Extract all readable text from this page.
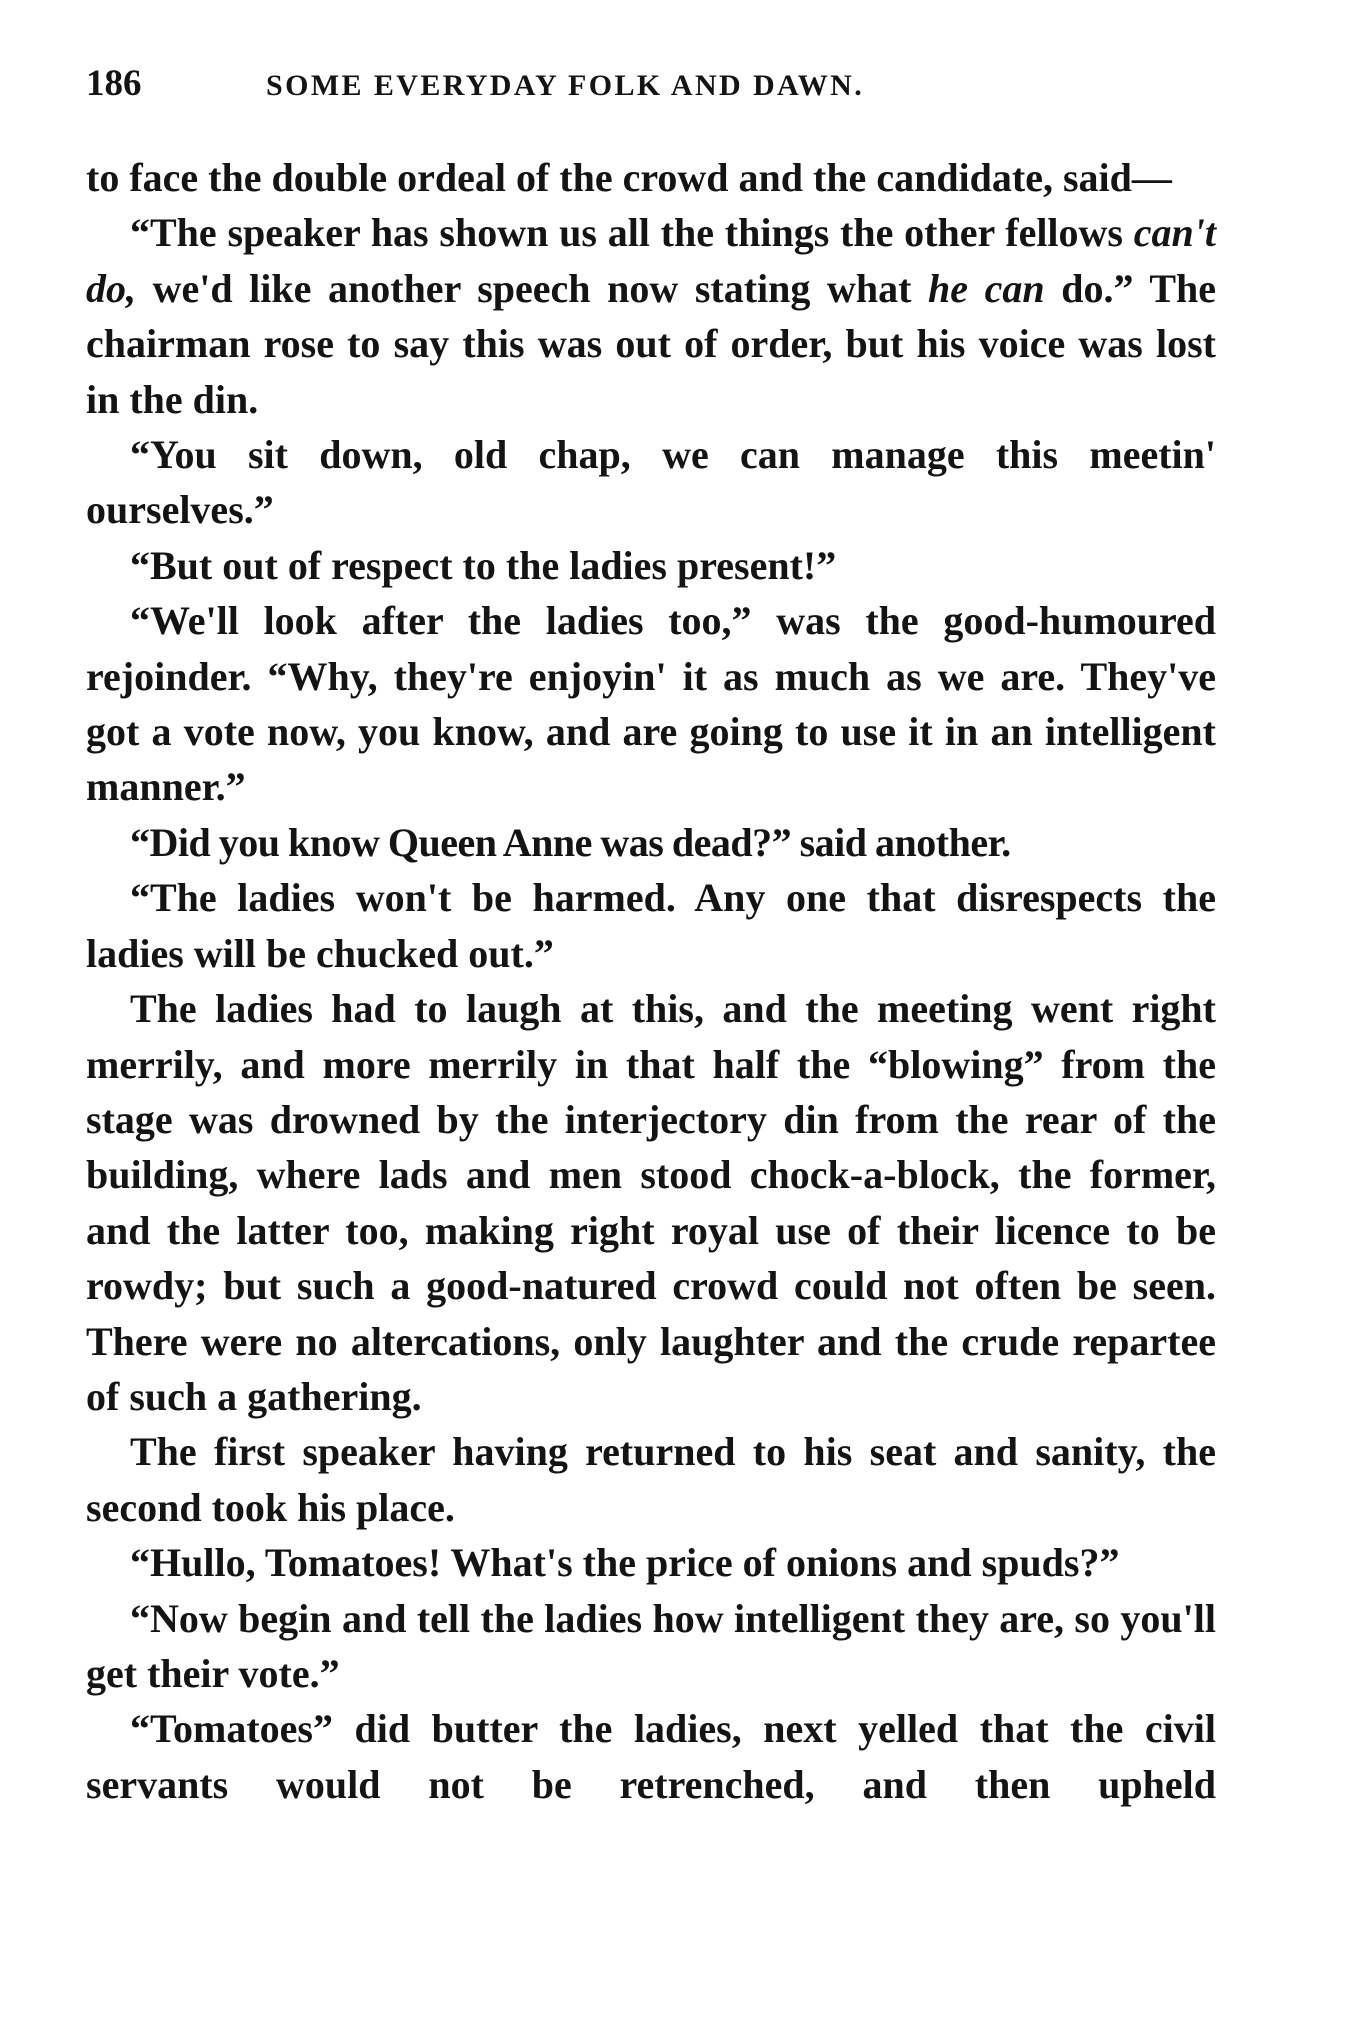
186	SOME EVERYDAY FOLK AND DAWN.

to face the double ordeal of the crowd and the candidate, said—

“The speaker has shown us all the things the other fellows can't do, we'd like another speech now stating what he can do.” The chairman rose to say this was out of order, but his voice was lost in the din.

“You sit down, old chap, we can manage this meetin' ourselves.”

“But out of respect to the ladies present!”

“We'll look after the ladies too,” was the good-humoured rejoinder. “Why, they're enjoyin' it as much as we are. They've got a vote now, you know, and are going to use it in an intelligent manner.”

“Did you know Queen Anne was dead?” said another.

“The ladies won't be harmed. Any one that disrespects the ladies will be chucked out.”

The ladies had to laugh at this, and the meeting went right merrily, and more merrily in that half the “blowing” from the stage was drowned by the interjectory din from the rear of the building, where lads and men stood chock-a-block, the former, and the latter too, making right royal use of their licence to be rowdy; but such a good-natured crowd could not often be seen. There were no altercations, only laughter and the crude repartee of such a gathering.

The first speaker having returned to his seat and sanity, the second took his place.

“Hullo, Tomatoes! What's the price of onions and spuds?”

“Now begin and tell the ladies how intelligent they are, so you'll get their vote.”

“Tomatoes” did butter the ladies, next yelled that the civil servants would not be retrenched, and then upheld
